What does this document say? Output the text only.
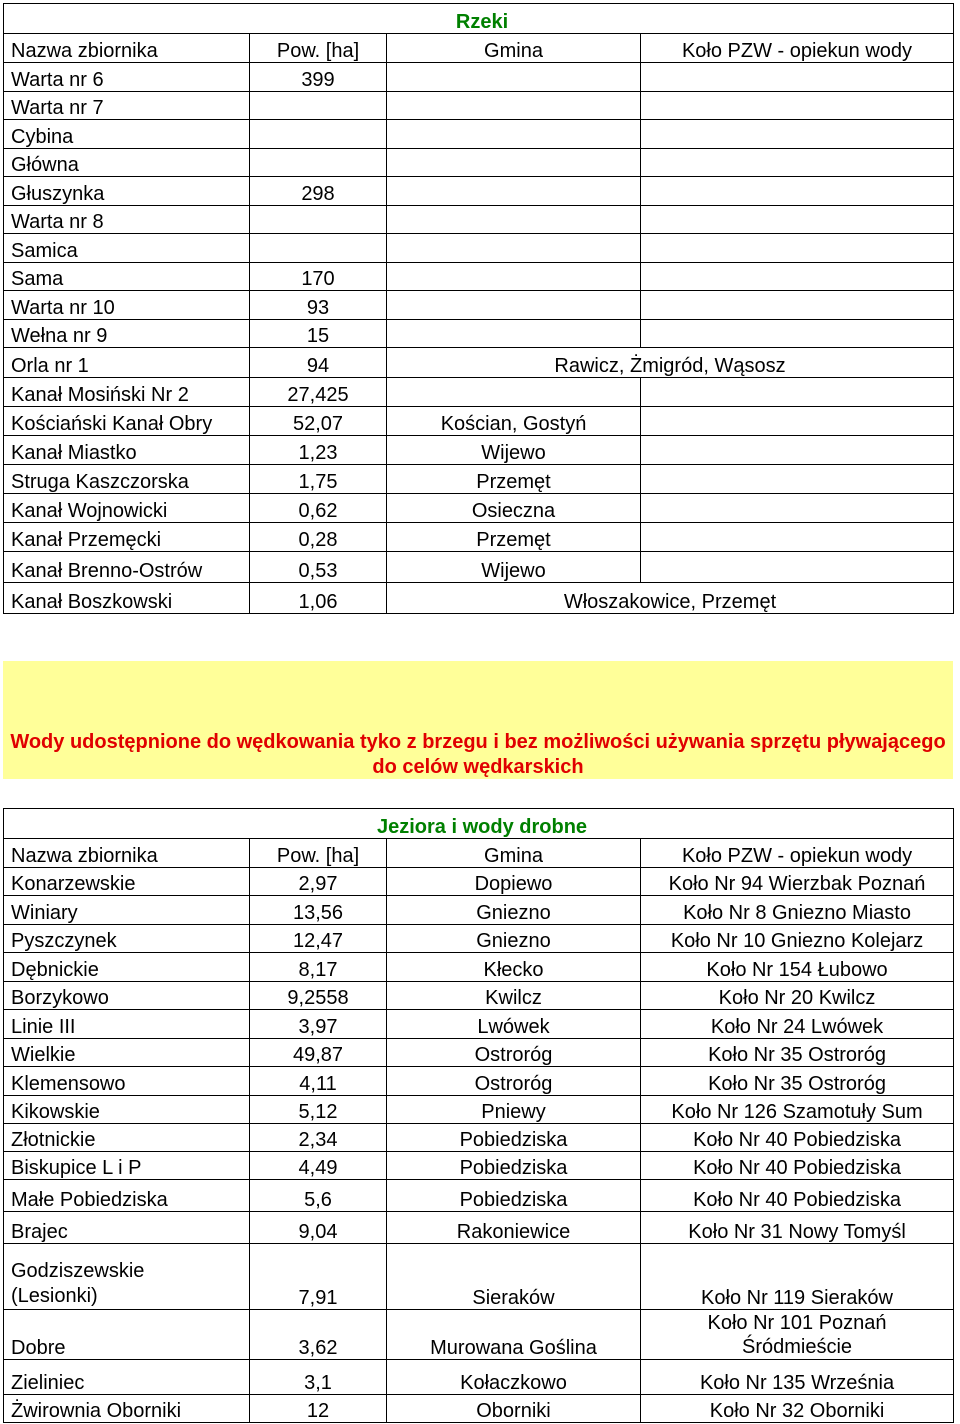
Rzeki			
Nazwa zbiornika	Pow. [ha]	Gmina	Koło PZW - opiekun wody
Warta nr 6	399		
Warta nr 7			
Cybina			
Główna			
Głuszynka	298		
Warta nr 8			
Samica			
Sama	170		
Warta nr 10	93		
Wełna nr 9	15		
Orla nr 1	94	Rawicz, Żmigród, Wąsosz	
Kanał Mosiński Nr 2	27,425		
Kościański Kanał Obry	52,07	Kościan, Gostyń	
Kanał Miastko	1,23	Wijewo	
Struga Kaszczorska	1,75	Przemęt	
Kanał Wojnowicki	0,62	Osieczna	
Kanał Przemęcki	0,28	Przemęt	
Kanał Brenno-Ostrów	0,53	Wijewo	
Kanał Boszkowski	1,06	Włoszakowice, Przemęt	
Wody udostępnione do wędkowania tyko z brzegu i bez możliwości używania sprzętu pływającego do celów wędkarskich
Jeziora i wody drobne			
Nazwa zbiornika	Pow. [ha]	Gmina	Koło PZW - opiekun wody
Konarzewskie	2,97	Dopiewo	Koło Nr 94 Wierzbak Poznań
Winiary	13,56	Gniezno	Koło Nr 8 Gniezno Miasto
Pyszczynek	12,47	Gniezno	Koło Nr 10 Gniezno Kolejarz
Dębnickie	8,17	Kłecko	Koło Nr 154 Łubowo
Borzykowo	9,2558	Kwilcz	Koło Nr 20 Kwilcz
Linie III	3,97	Lwówek	Koło Nr 24 Lwówek
Wielkie	49,87	Ostroróg	Koło Nr 35 Ostroróg
Klemensowo	4,11	Ostroróg	Koło Nr 35 Ostroróg
Kikowskie	5,12	Pniewy	Koło Nr 126 Szamotuły Sum
Złotnickie	2,34	Pobiedziska	Koło Nr 40 Pobiedziska
Biskupice L i P	4,49	Pobiedziska	Koło Nr 40 Pobiedziska
Małe Pobiedziska	5,6	Pobiedziska	Koło Nr 40 Pobiedziska
Brajec	9,04	Rakoniewice	Koło Nr 31 Nowy Tomyśl

Godziszewskie
(Lesionki)	7,91	Sieraków	Koło Nr 119 Sieraków
Dobre	3,62	Murowana Goślina	Koło Nr 101 Poznań
Śródmieście

Zieliniec	3,1	Kołaczkowo	Koło Nr 135 Września
Żwirownia Oborniki	12	Oborniki	Koło Nr 32 Oborniki
